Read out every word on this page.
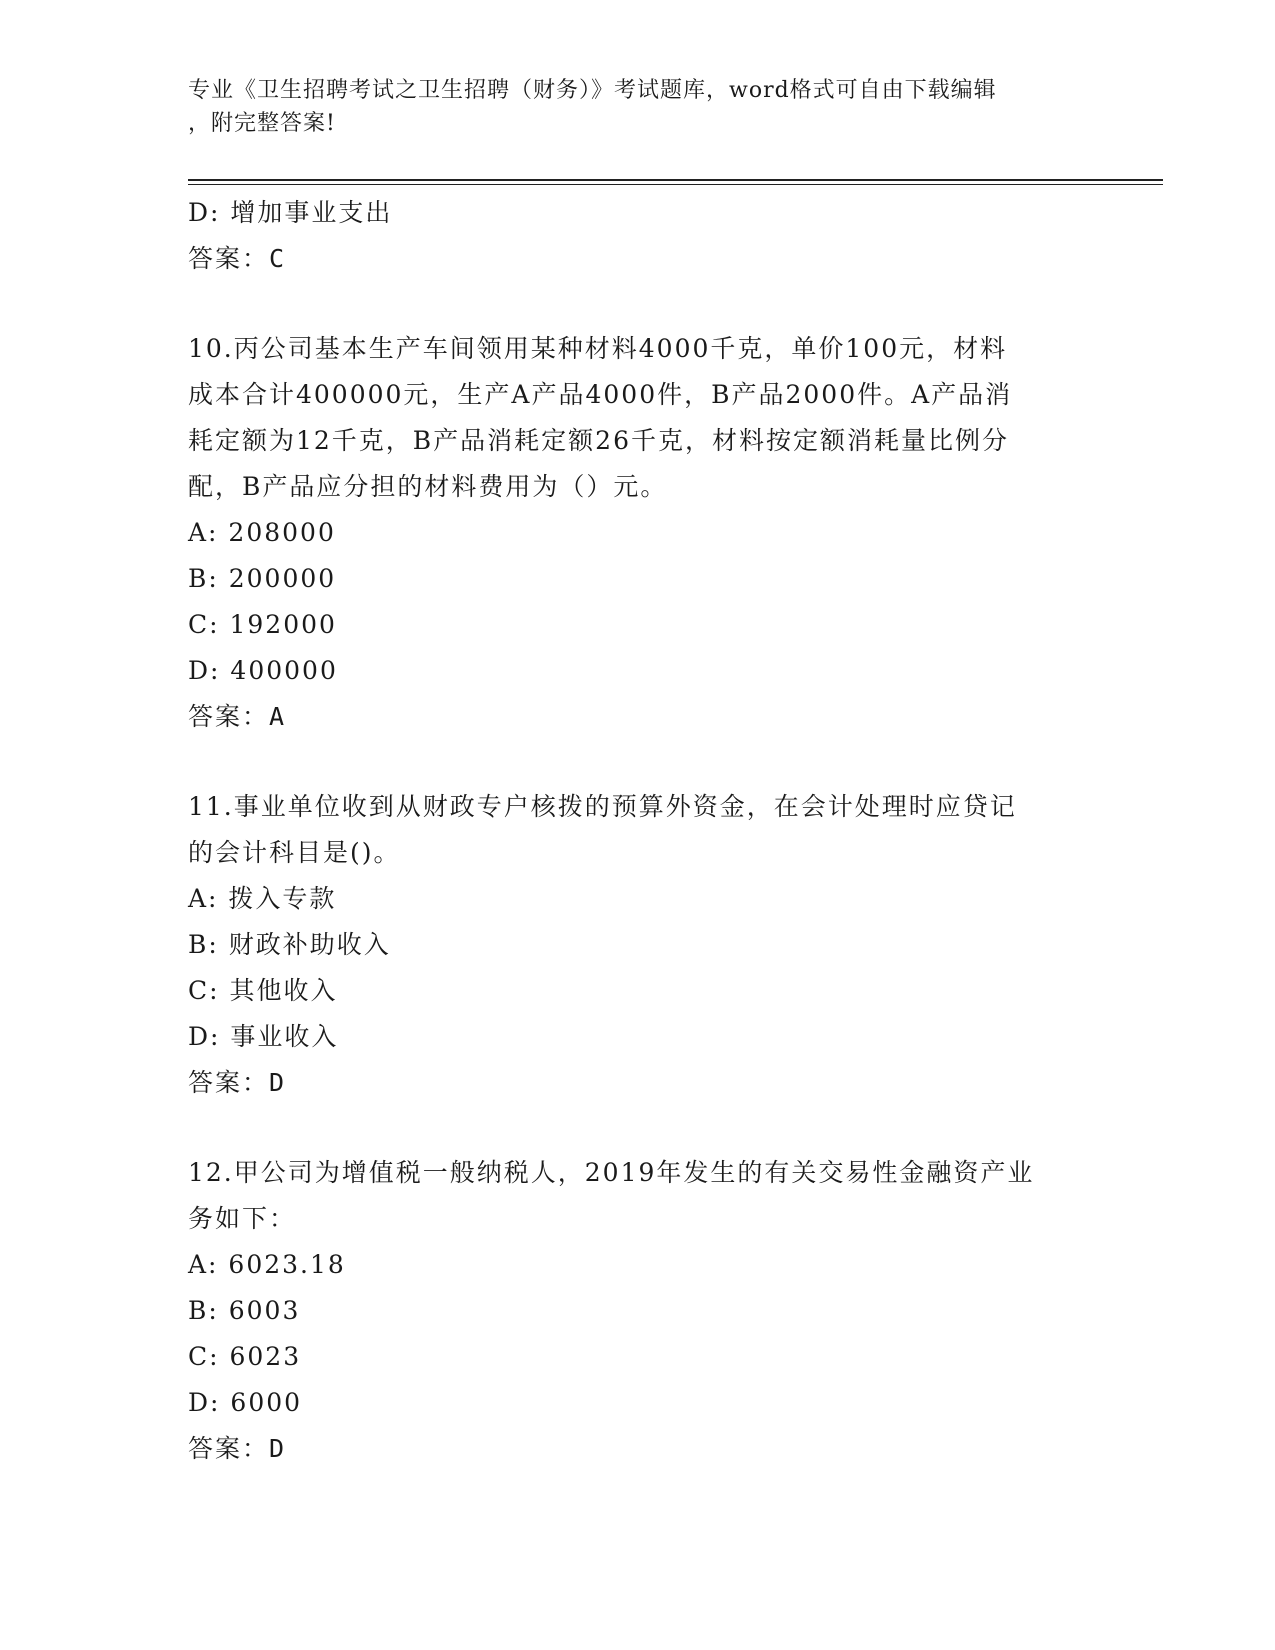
专业《卫生招聘考试之卫生招聘（财务）》考试题库，word格式可自由下载编辑
，附完整答案!
D: 增加事业支出
答案：C
10.丙公司基本生产车间领用某种材料4000千克，单价100元，材料
成本合计400000元，生产A产品4000件，B产品2000件。A产品消
耗定额为12千克，B产品消耗定额26千克，材料按定额消耗量比例分
配，B产品应分担的材料费用为（）元。
A: 208000
B: 200000
C: 192000
D: 400000
答案：A
11.事业单位收到从财政专户核拨的预算外资金，在会计处理时应贷记
的会计科目是()。
A: 拨入专款
B: 财政补助收入
C: 其他收入
D: 事业收入
答案：D
12.甲公司为增值税一般纳税人，2019年发生的有关交易性金融资产业
务如下：
A: 6023.18
B: 6003
C: 6023
D: 6000
答案：D
